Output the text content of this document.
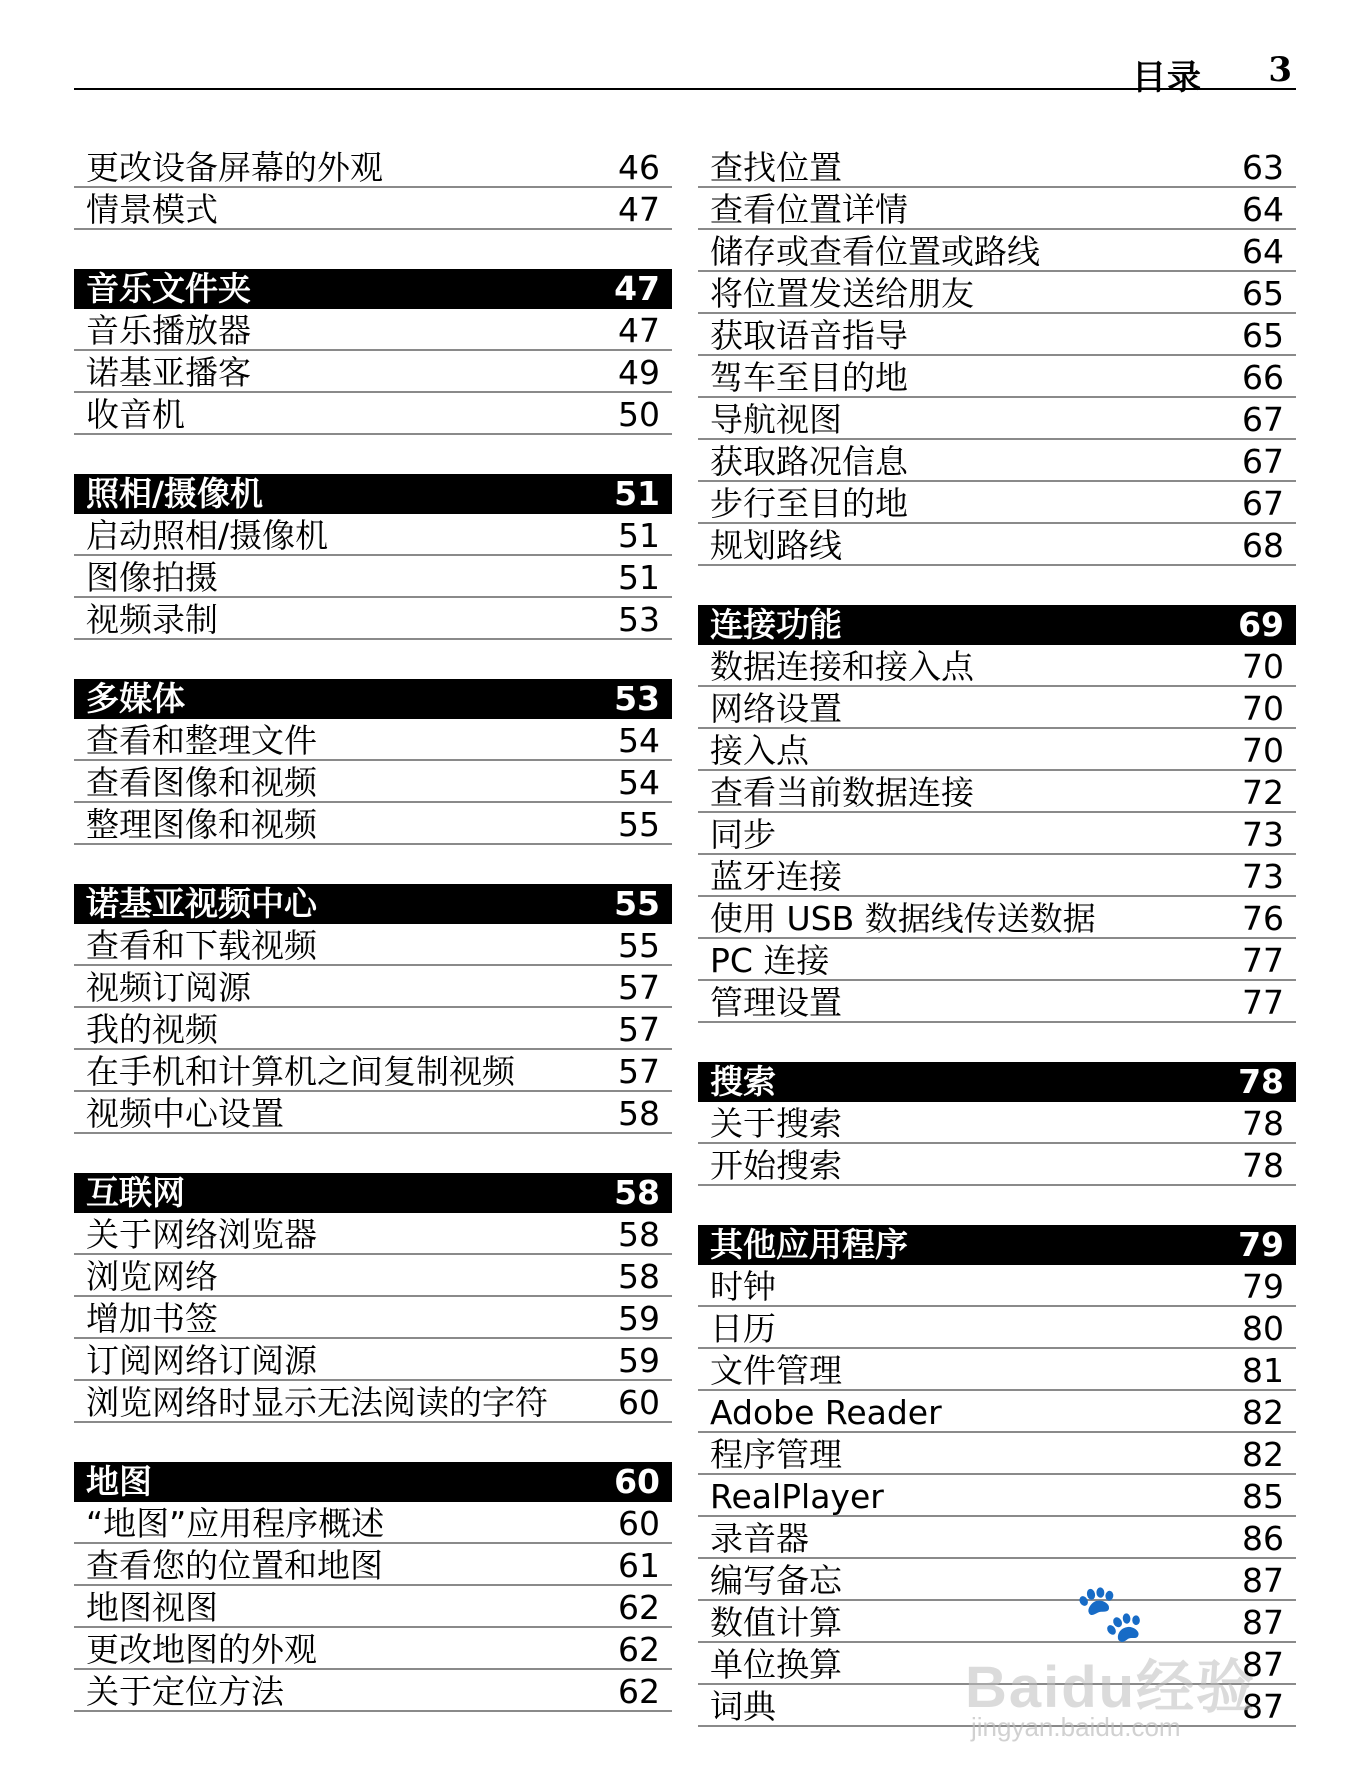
目录 3
更改设备屏幕的外观	46
情景模式	47
音乐文件夹	47
音乐播放器	47
诺基亚播客	49
收音机	50
照相/摄像机	51
启动照相/摄像机	51
图像拍摄	51
视频录制	53
多媒体	53
查看和整理文件	54
查看图像和视频	54
整理图像和视频	55
诺基亚视频中心	55
查看和下载视频	55
视频订阅源	57
我的视频	57
在手机和计算机之间复制视频	57
视频中心设置	58
互联网	58
关于网络浏览器	58
浏览网络	58
增加书签	59
订阅网络订阅源	59
浏览网络时显示无法阅读的字符 60
地图	60
“地图”应用程序概述	60
查看您的位置和地图	61
地图视图	62
更改地图的外观	62
关于定位方法	62
查找位置	63
查看位置详情	64
储存或查看位置或路线	64
将位置发送给朋友	65
获取语音指导	65
驾车至目的地	66
导航视图	67
获取路况信息	67
步行至目的地	67
规划路线	68
连接功能	69
数据连接和接入点	70
网络设置	70
接入点	70
查看当前数据连接	72
同步	73
蓝牙连接	73
使用 USB 数据线传送数据	76
PC 连接	77
管理设置	77
搜索	78
关于搜索	78
开始搜索	78
其他应用程序	79
时钟	79
日历	80
文件管理	81
Adobe Reader	82
程序管理	82
RealPlayer	85
录音器	86
编写备忘	87
数值计算	87
单位换算	87
词典	87
🐾
Baidu经验
jingyan.baidu.com
